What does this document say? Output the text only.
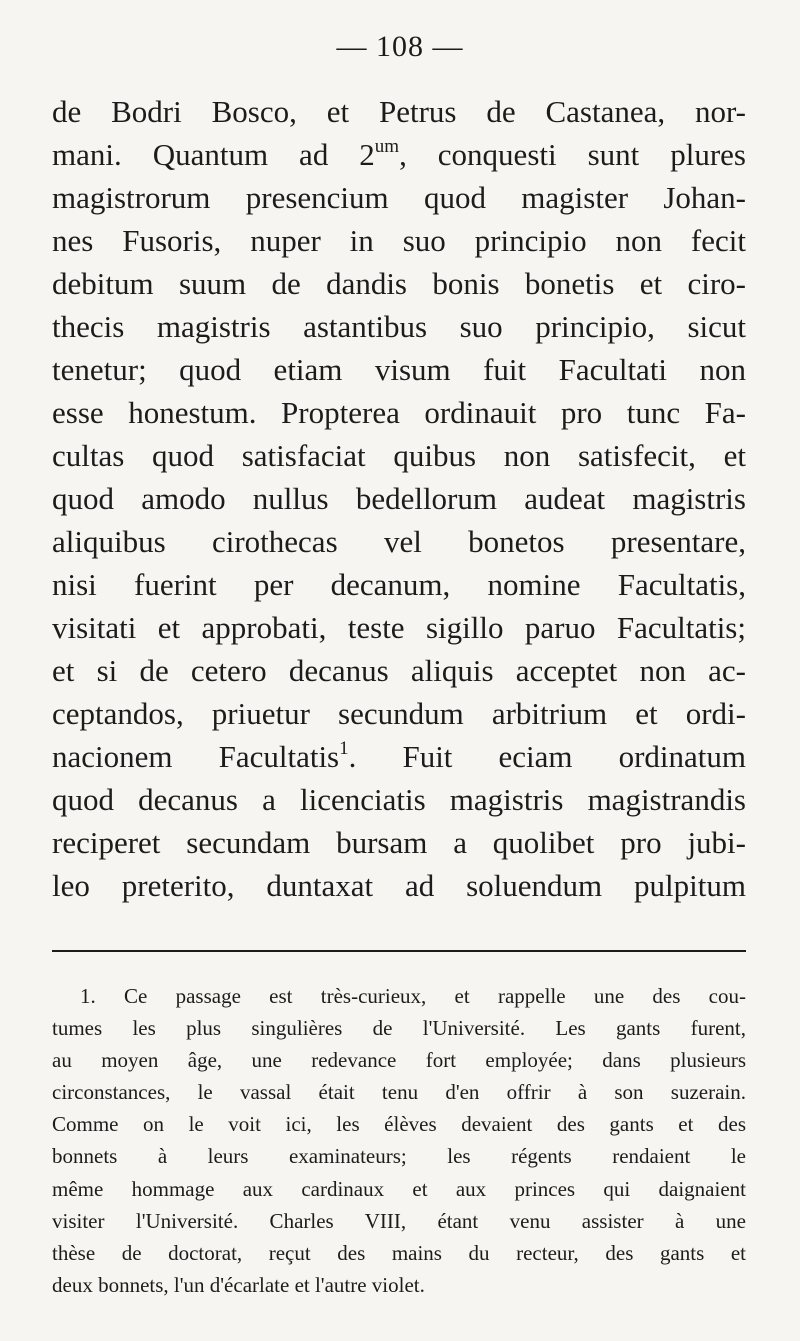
— 108 —
de Bodri Bosco, et Petrus de Castanea, nor-
mani. Quantum ad $2^{um}$, conquesti sunt plures
magistrorum presencium quod magister Johan-
nes Fusoris, nuper in suo principio non fecit
debitum suum de dandis bonis bonetis et ciro-
thecis magistris astantibus suo principio, sicut
tenetur; quod etiam visum fuit Facultati non
esse honestum. Propterea ordinauit pro tunc Fa-
cultas quod satisfaciat quibus non satisfecit, et
quod amodo nullus bedellorum audeat magistris
aliquibus cirothecas vel bonetos presentare,
nisi fuerint per decanum, nomine Facultatis,
visitati et approbati, teste sigillo paruo Facultatis;
et si de cetero decanus aliquis acceptet non ac-
ceptandos, priuetur secundum arbitrium et ordi-
nacionem Facultatis$^1$. Fuit eciam ordinatum
quod decanus a licenciatis magistris magistrandis
reciperet secundam bursam a quolibet pro jubi-
leo preterito, duntaxat ad soluendum pulpitum
1. Ce passage est très-curieux, et rappelle une des cou-
tumes les plus singulières de l'Université. Les gants furent,
au moyen âge, une redevance fort employée; dans plusieurs
circonstances, le vassal était tenu d'en offrir à son suzerain.
Comme on le voit ici, les élèves devaient des gants et des
bonnets à leurs examinateurs; les régents rendaient le
même hommage aux cardinaux et aux princes qui daignaient
visiter l'Université. Charles VIII, étant venu assister à une
thèse de doctorat, reçut des mains du recteur, des gants et
deux bonnets, l'un d'écarlate et l'autre violet.
